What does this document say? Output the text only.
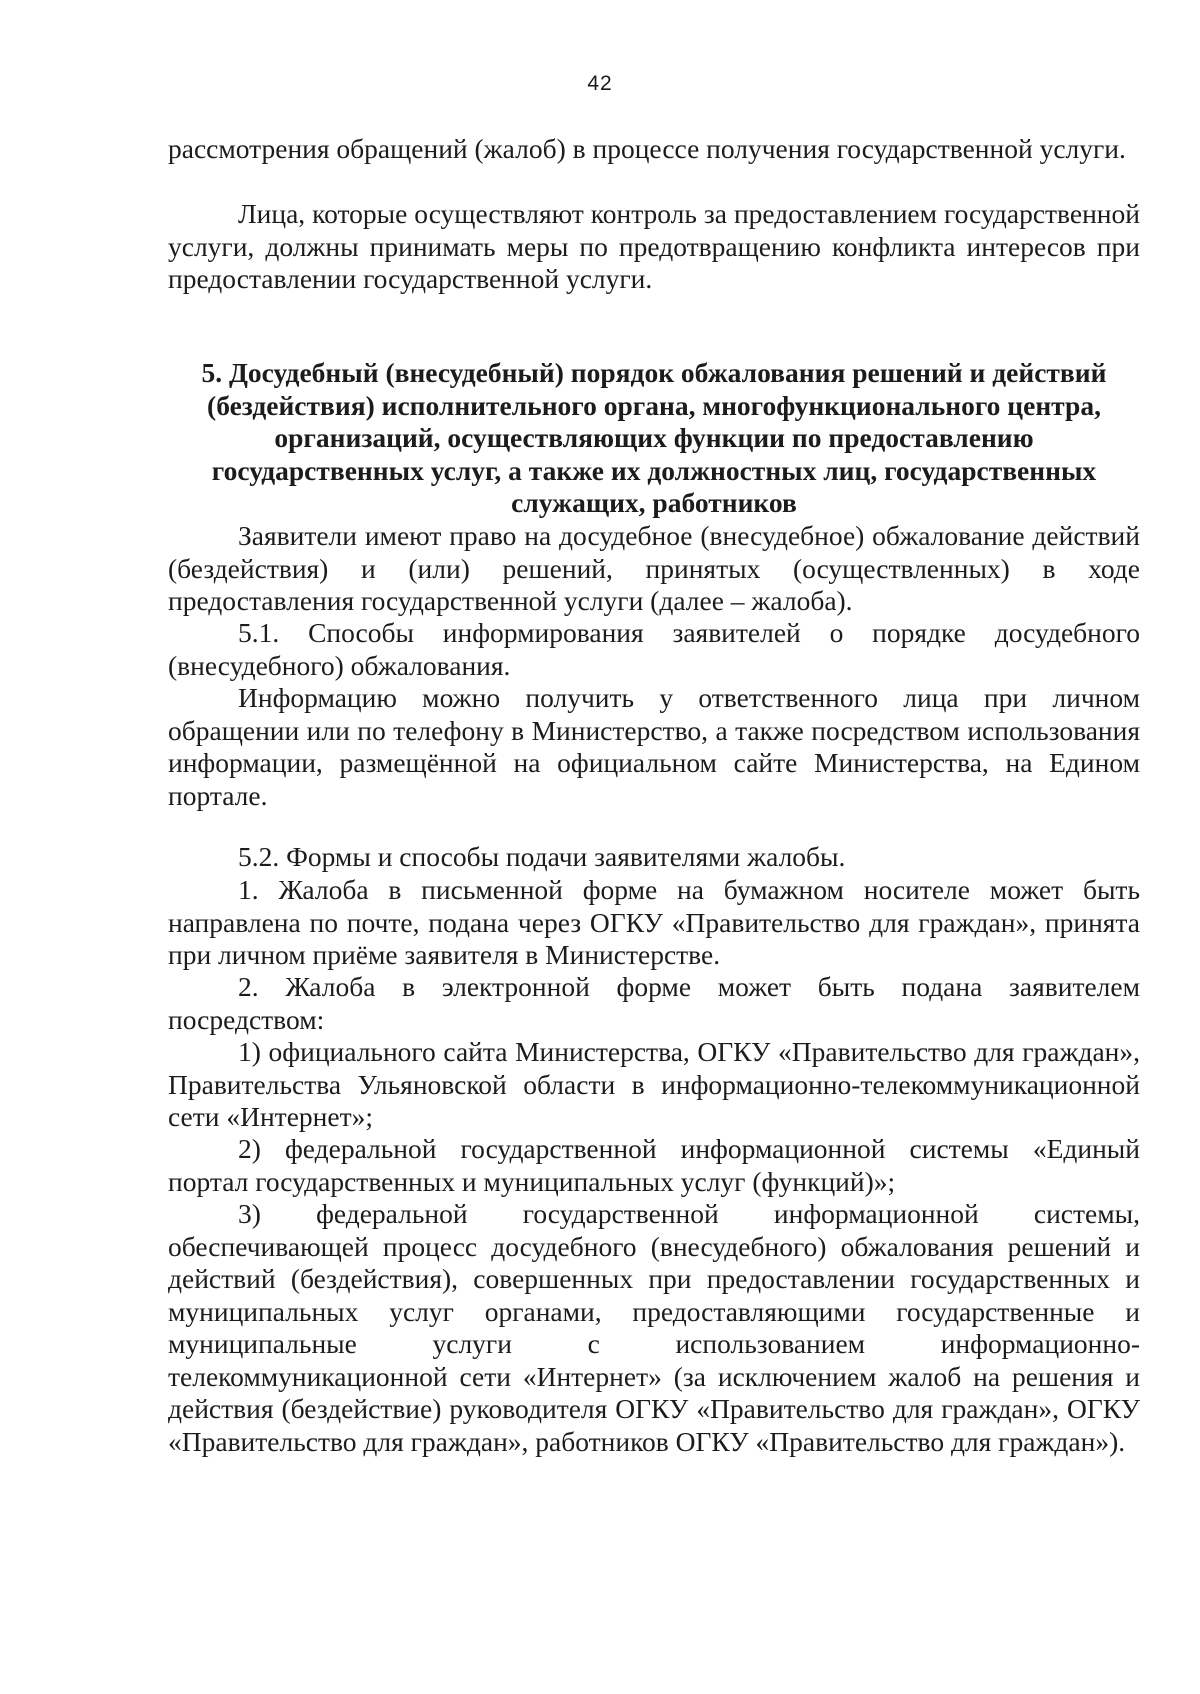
42

рассмотрения обращений (жалоб) в процессе получения государственной услуги.

Лица, которые осуществляют контроль за предоставлением государственной услуги, должны принимать меры по предотвращению конфликта интересов при предоставлении государственной услуги.

5. Досудебный (внесудебный) порядок обжалования решений и действий (бездействия) исполнительного органа, многофункционального центра, организаций, осуществляющих функции по предоставлению государственных услуг, а также их должностных лиц, государственных служащих, работников

Заявители имеют право на досудебное (внесудебное) обжалование действий (бездействия) и (или) решений, принятых (осуществленных) в ходе предоставления государственной услуги (далее – жалоба).

5.1. Способы информирования заявителей о порядке досудебного (внесудебного) обжалования.

Информацию можно получить у ответственного лица при личном обращении или по телефону в Министерство, а также посредством использования информации, размещённой на официальном сайте Министерства, на Едином портале.

5.2. Формы и способы подачи заявителями жалобы.

1. Жалоба в письменной форме на бумажном носителе может быть направлена по почте, подана через ОГКУ «Правительство для граждан», принята при личном приёме заявителя в Министерстве.

2. Жалоба в электронной форме может быть подана заявителем посредством:

1) официального сайта Министерства, ОГКУ «Правительство для граждан», Правительства Ульяновской области в информационно-телекоммуникационной сети «Интернет»;

2) федеральной государственной информационной системы «Единый портал государственных и муниципальных услуг (функций)»;

3) федеральной государственной информационной системы, обеспечивающей процесс досудебного (внесудебного) обжалования решений и действий (бездействия), совершенных при предоставлении государственных и муниципальных услуг органами, предоставляющими государственные и муниципальные услуги с использованием информационно-телекоммуникационной сети «Интернет» (за исключением жалоб на решения и действия (бездействие) руководителя ОГКУ «Правительство для граждан», ОГКУ «Правительство для граждан», работников ОГКУ «Правительство для граждан»).
